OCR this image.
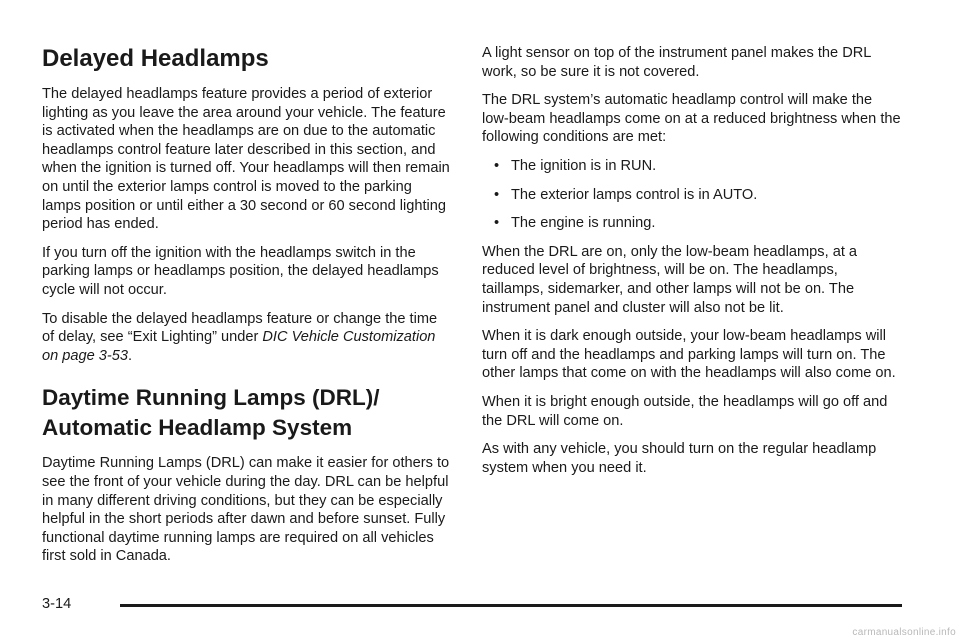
Delayed Headlamps

The delayed headlamps feature provides a period of exterior lighting as you leave the area around your vehicle. The feature is activated when the headlamps are on due to the automatic headlamps control feature later described in this section, and when the ignition is turned off. Your headlamps will then remain on until the exterior lamps control is moved to the parking lamps position or until either a 30 second or 60 second lighting period has ended.

If you turn off the ignition with the headlamps switch in the parking lamps or headlamps position, the delayed headlamps cycle will not occur.

To disable the delayed headlamps feature or change the time of delay, see “Exit Lighting” under DIC Vehicle Customization on page 3-53.

Daytime Running Lamps (DRL)/
Automatic Headlamp System

Daytime Running Lamps (DRL) can make it easier for others to see the front of your vehicle during the day. DRL can be helpful in many different driving conditions, but they can be especially helpful in the short periods after dawn and before sunset. Fully functional daytime running lamps are required on all vehicles first sold in Canada.

A light sensor on top of the instrument panel makes the DRL work, so be sure it is not covered.

The DRL system’s automatic headlamp control will make the low-beam headlamps come on at a reduced brightness when the following conditions are met:

• The ignition is in RUN.
• The exterior lamps control is in AUTO.
• The engine is running.

When the DRL are on, only the low-beam headlamps, at a reduced level of brightness, will be on. The headlamps, taillamps, sidemarker, and other lamps will not be on. The instrument panel and cluster will also not be lit.

When it is dark enough outside, your low-beam headlamps will turn off and the headlamps and parking lamps will turn on. The other lamps that come on with the headlamps will also come on.

When it is bright enough outside, the headlamps will go off and the DRL will come on.

As with any vehicle, you should turn on the regular headlamp system when you need it.

3-14
carmanualsonline.info
